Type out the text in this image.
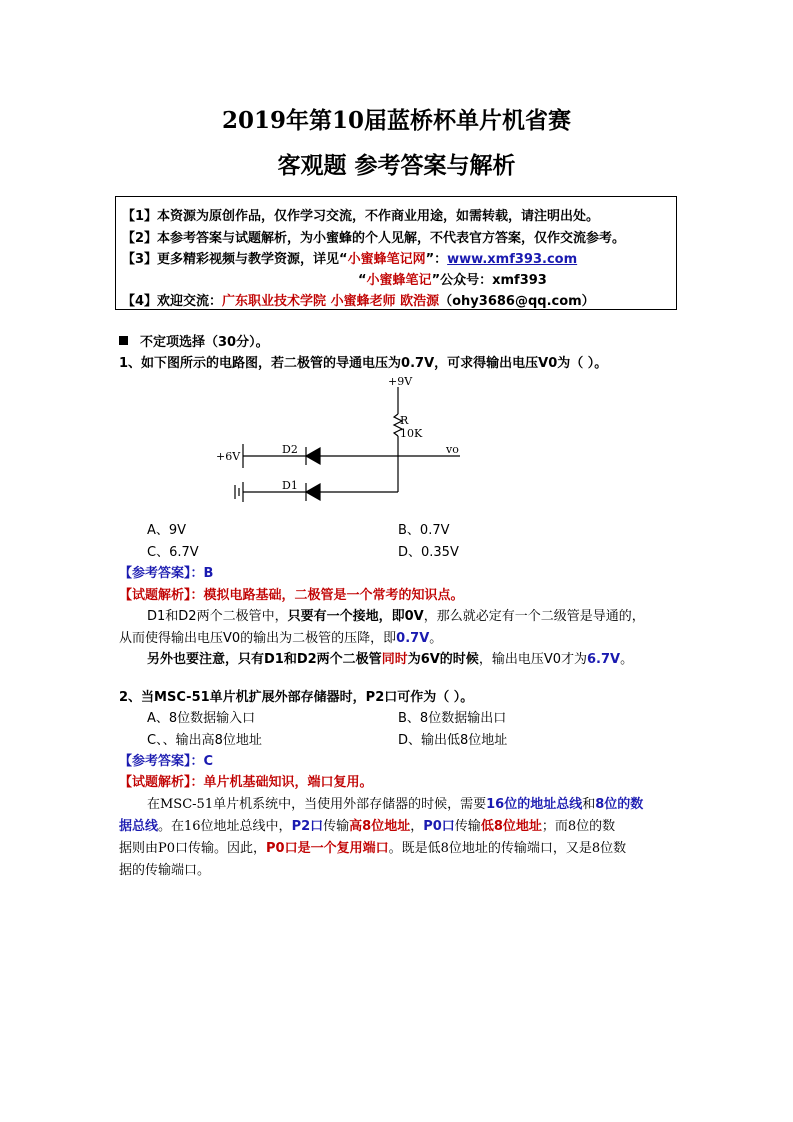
2019年第10届蓝桥杯单片机省赛
客观题 参考答案与解析
【1】本资源为原创作品，仅作学习交流，不作商业用途，如需转载，请注明出处。
【2】本参考答案与试题解析，为小蜜蜂的个人见解，不代表官方答案，仅作交流参考。
【3】更多精彩视频与教学资源，详见“小蜜蜂笔记网”：www.xmf393.com
“小蜜蜂笔记”公众号：xmf393
【4】欢迎交流：广东职业技术学院 小蜜蜂老师 欧浩源（ohy3686@qq.com）
不定项选择（30分）。
1、如下图所示的电路图，若二极管的导通电压为0.7V，可求得输出电压V0为（ ）。
+9V
R
10K
+6V
D2
D1
vo
A、9V	B、0.7V
C、6.7V	D、0.35V
【参考答案】：B
【试题解析】：模拟电路基础，二极管是一个常考的知识点。
D1和D2两个二极管中，只要有一个接地，即0V，那么就必定有一个二级管是导通的，
从而使得输出电压V0的输出为二极管的压降，即0.7V。
另外也要注意，只有D1和D2两个二极管同时为6V的时候，输出电压V0才为6.7V。
2、当MSC-51单片机扩展外部存储器时，P2口可作为（ ）。
A、8位数据输入口	B、8位数据输出口
C、、输出高8位地址	D、输出低8位地址
【参考答案】：C
【试题解析】：单片机基础知识，端口复用。
在MSC-51单片机系统中，当使用外部存储器的时候，需要16位的地址总线和8位的数
据总线。在16位地址总线中，P2口传输高8位地址，P0口传输低8位地址；而8位的数
据则由P0口传输。因此，P0口是一个复用端口。既是低8位地址的传输端口，又是8位数
据的传输端口。
